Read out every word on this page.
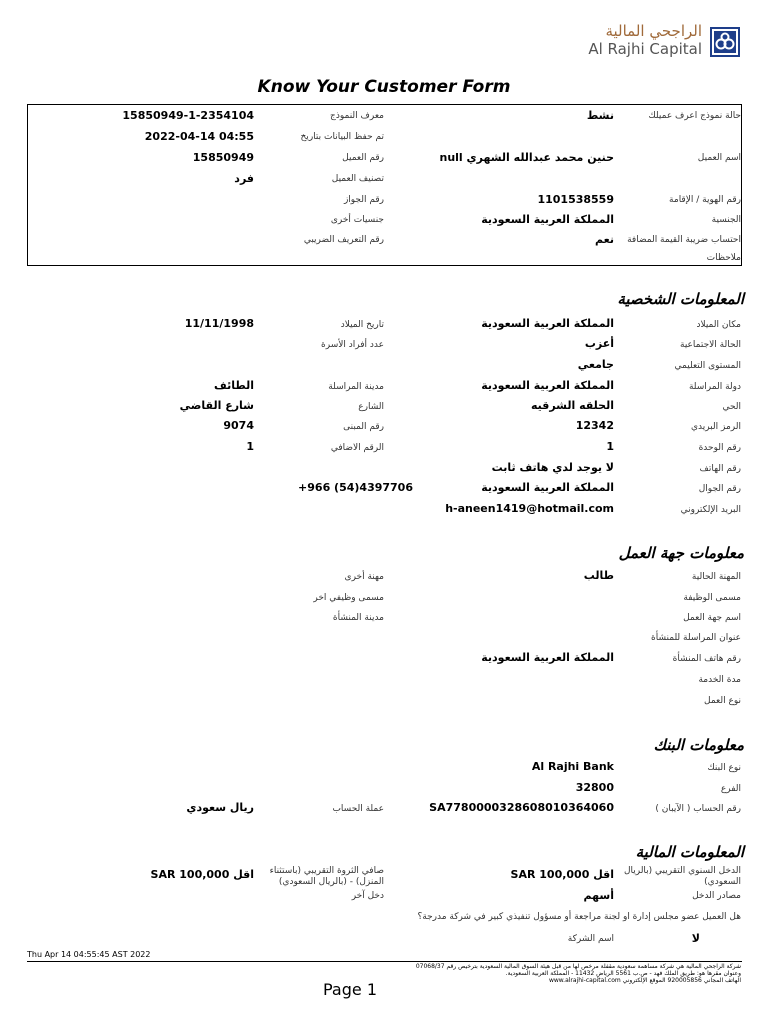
الراجحي المالية
Al Rajhi Capital
Know Your Customer Form
حالة نموذج اعرف عميلك
نشط
معرف النموذج
15850949-1-2354104
تم حفظ البيانات بتاريخ
2022-04-14 04:55
اسم العميل
حنين محمد عبدالله الشهري null
رقم العميل
15850949
تصنيف العميل
فرد
رقم الهوية / الإقامة
1101538559
رقم الجواز
الجنسية
المملكة العربية السعودية
جنسيات أخرى
احتساب ضريبة القيمة المضافة
نعم
رقم التعريف الضريبي
ملاحظات
المعلومات الشخصية
مكان الميلاد
المملكة العربية السعودية
تاريخ الميلاد
11/11/1998
الحالة الاجتماعية
أعزب
عدد أفراد الأسرة
المستوى التعليمي
جامعي
دولة المراسلة
المملكة العربية السعودية
مدينة المراسلة
الطائف
الحي
الحلقه الشرقيه
الشارع
شارع القاضي
الرمز البريدي
12342
رقم المبنى
9074
رقم الوحدة
1
الرقم الاضافي
1
رقم الهاتف
لا يوجد لدي هاتف ثابت
رقم الجوال
المملكة العربية السعودية
+966 (54)4397706
البريد الإلكتروني
h-aneen1419@hotmail.com
معلومات جهة العمل
المهنة الحالية
طالب
مهنة أخرى
مسمى الوظيفة
مسمى وظيفي اخر
اسم جهة العمل
مدينة المنشأة
عنوان المراسلة للمنشأة
رقم هاتف المنشأة
المملكة العربية السعودية
مدة الخدمة
نوع العمل
معلومات البنك
نوع البنك
Al Rajhi Bank
الفرع
32800
رقم الحساب ( الآيبان )
SA7780000328608010364060
عملة الحساب
ريال سعودي
المعلومات المالية
الدخل السنوي التقريبي (بالريال السعودي)
SAR 100,000 اقل
صافي الثروة التقريبي (باستثناء المنزل) - (بالريال السعودي)
SAR 100,000 اقل
مصادر الدخل
أسهم
دخل آخر
هل العميل عضو مجلس إدارة او لجنة مراجعة أو مسؤول تنفيذي كبير في شركة مدرجة؟
لا
اسم الشركة
Thu Apr 14 04:55:45 AST 2022
شركة الراجحي المالية هي شركة مساهمة سعودية مقفلة مرخص لها من قبل هيئة السوق المالية السعودية بترخيص رقم 07068/37
وعنوان مقرها هو: طريق الملك فهد - ص.ب 5561 الرياض 11432 - المملكة العربية السعودية.
الهاتف المجاني 920005856 الموقع الإلكتروني www.alrajhi-capital.com
Page 1
